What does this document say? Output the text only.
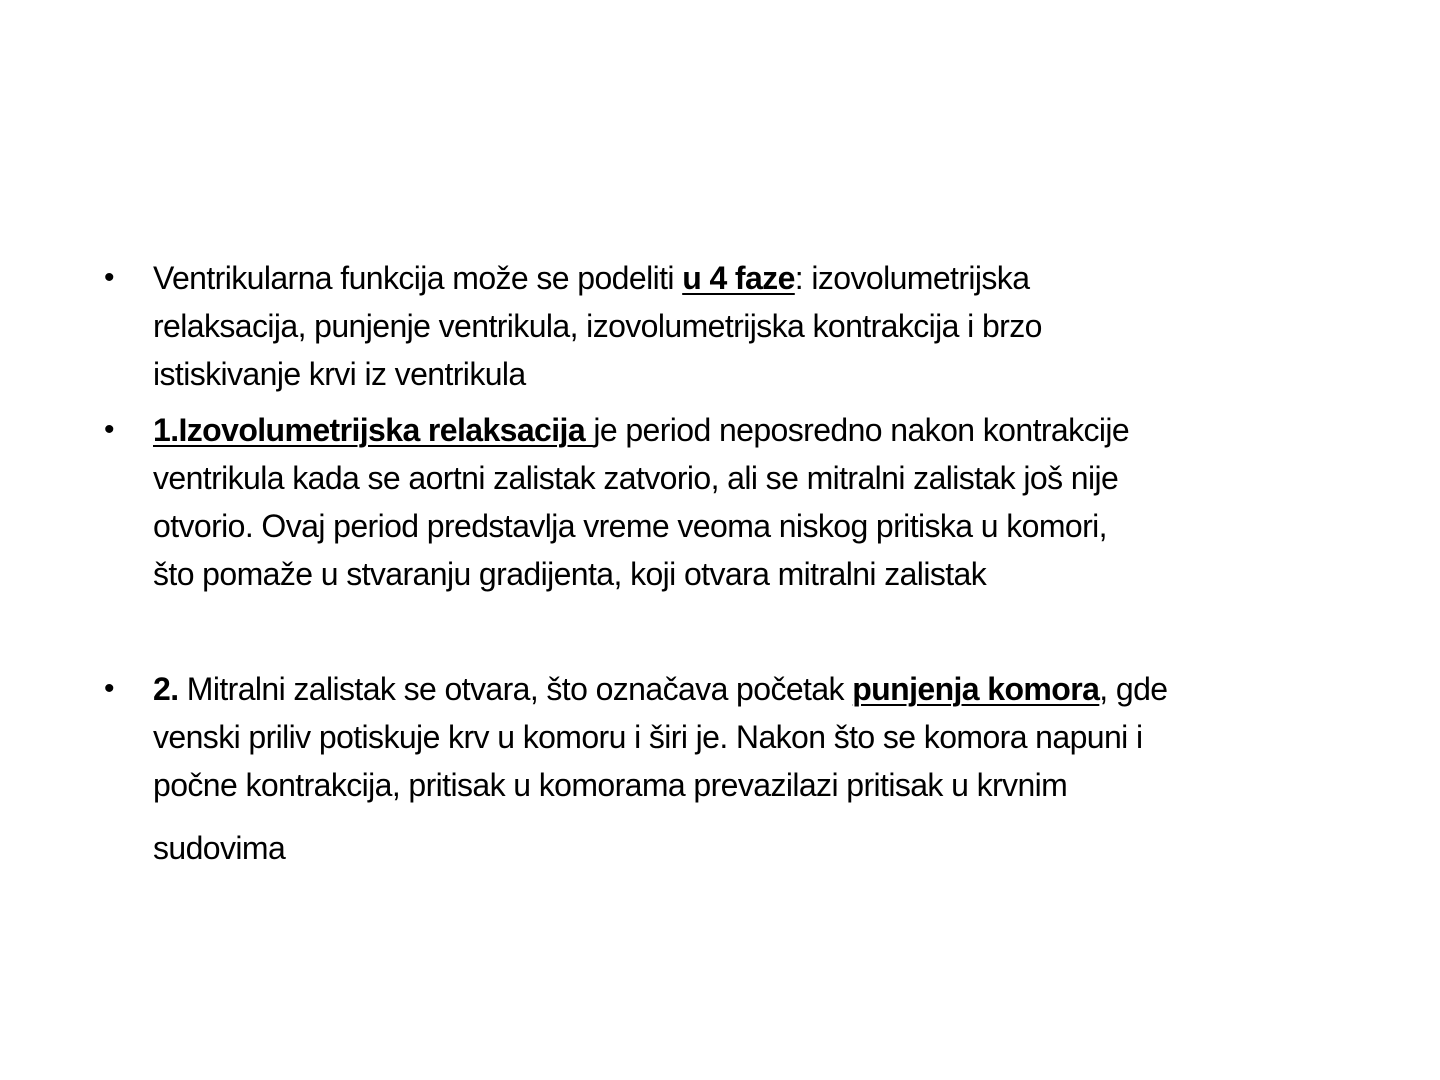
• Ventrikularna funkcija može se podeliti u 4 faze: izovolumetrijska
relaksacija, punjenje ventrikula, izovolumetrijska kontrakcija i brzo
istiskivanje krvi iz ventrikula
• 1.Izovolumetrijska relaksacija je period neposredno nakon kontrakcije
ventrikula kada se aortni zalistak zatvorio, ali se mitralni zalistak još nije
otvorio. Ovaj period predstavlja vreme veoma niskog pritiska u komori,
što pomaže u stvaranju gradijenta, koji otvara mitralni zalistak
• 2. Mitralni zalistak se otvara, što označava početak punjenja komora, gde
venski priliv potiskuje krv u komoru i širi je. Nakon što se komora napuni i
počne kontrakcija, pritisak u komorama prevazilazi pritisak u krvnim
sudovima
